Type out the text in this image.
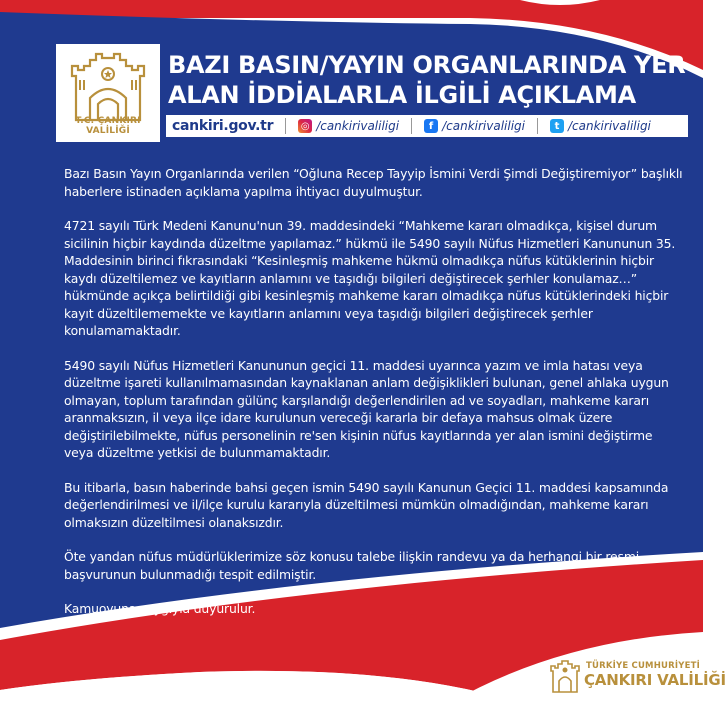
T.C. ÇANKIRI VALİLİĞİ
BAZI BASIN/YAYIN ORGANLARINDA YER
ALAN İDDİALARLA İLGİLİ AÇIKLAMA
cankiri.gov.tr	◎ /cankirivaliligi	f /cankirivaliligi	t /cankirivaliligi

Bazı Basın Yayın Organlarında verilen “Oğluna Recep Tayyip İsmini Verdi Şimdi Değiştiremiyor” başlıklı haberlere istinaden açıklama yapılma ihtiyacı duyulmuştur.

4721 sayılı Türk Medeni Kanunu'nun 39. maddesindeki “Mahkeme kararı olmadıkça, kişisel durum sicilinin hiçbir kaydında düzeltme yapılamaz.” hükmü ile 5490 sayılı Nüfus Hizmetleri Kanununun 35. Maddesinin birinci fıkrasındaki “Kesinleşmiş mahkeme hükmü olmadıkça nüfus kütüklerinin hiçbir kaydı düzeltilemez ve kayıtların anlamını ve taşıdığı bilgileri değiştirecek şerhler konulamaz…” hükmünde açıkça belirtildiği gibi kesinleşmiş mahkeme kararı olmadıkça nüfus kütüklerindeki hiçbir kayıt düzeltilememekte ve kayıtların anlamını veya taşıdığı bilgileri değiştirecek şerhler konulamamaktadır.

5490 sayılı Nüfus Hizmetleri Kanununun geçici 11. maddesi uyarınca yazım ve imla hatası veya düzeltme işareti kullanılmamasından kaynaklanan anlam değişiklikleri bulunan, genel ahlaka uygun olmayan, toplum tarafından gülünç karşılandığı değerlendirilen ad ve soyadları, mahkeme kararı aranmaksızın, il veya ilçe idare kurulunun vereceği kararla bir defaya mahsus olmak üzere değiştirilebilmekte, nüfus personelinin re'sen kişinin nüfus kayıtlarında yer alan ismini değiştirme veya düzeltme yetkisi de bulunmamaktadır.

Bu itibarla, basın haberinde bahsi geçen ismin 5490 sayılı Kanunun Geçici 11. maddesi kapsamında değerlendirilmesi ve il/ilçe kurulu kararıyla düzeltilmesi mümkün olmadığından, mahkeme kararı olmaksızın düzeltilmesi olanaksızdır.

Öte yandan nüfus müdürlüklerimize söz konusu talebe ilişkin randevu ya da herhangi bir resmi başvurunun bulunmadığı tespit edilmiştir.

Kamuoyuna saygıyla duyurulur.

TÜRKİYE CUMHURİYETİ
ÇANKIRI VALİLİĞİ
